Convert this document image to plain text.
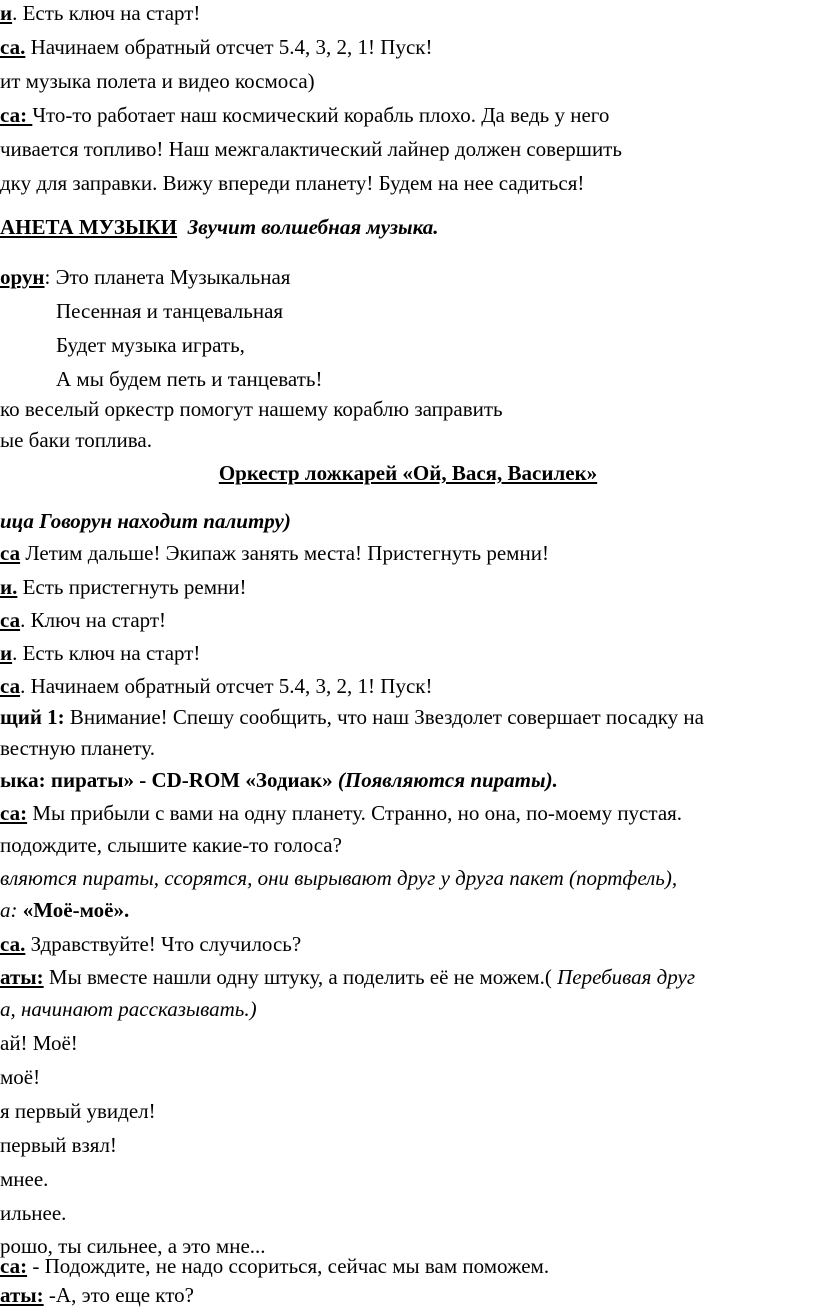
и. Есть ключ на старт!
са. Начинаем обратный отсчет 5.4, 3, 2, 1! Пуск!
ит музыка полета и видео космоса)
са: Что-то работает наш космический корабль плохо. Да ведь у него
чивается топливо! Наш межгалактический лайнер должен совершить
дку для заправки. Вижу впереди планету! Будем на нее садиться!
АНЕТА МУЗЫКИ Звучит волшебная музыка.
орун: Это планета Музыкальная
Песенная и танцевальная
Будет музыка играть,
А мы будем петь и танцевать!
ко веселый оркестр помогут нашему кораблю заправить
ые баки топлива.
Оркестр ложкарей «Ой, Вася, Василек»
ица Говорун находит палитру)
са Летим дальше! Экипаж занять места! Пристегнуть ремни!
и. Есть пристегнуть ремни!
са. Ключ на старт!
и. Есть ключ на старт!
са. Начинаем обратный отсчет 5.4, 3, 2, 1! Пуск!
щий 1: Внимание! Спешу сообщить, что наш Звездолет совершает посадку на
вестную планету.
ыка: пираты» - CD-ROM «Зодиак» (Появляются пираты).
са: Мы прибыли с вами на одну планету. Странно, но она, по-моему пустая.
подождите, слышите какие-то голоса?
вляются пираты, ссорятся, они вырывают друг у друга пакет (портфель),
а: «Моё-моё».
са. Здравствуйте! Что случилось?
аты: Мы вместе нашли одну штуку, а поделить её не можем.( Перебивая друг
а, начинают рассказывать.)
ай! Моё!
моё!
я первый увидел!
первый взял!
мнее.
ильнее.
рошо, ты сильнее, а это мне...
са: - Подождите, не надо ссориться, сейчас мы вам поможем.
аты: -А, это еще кто?
